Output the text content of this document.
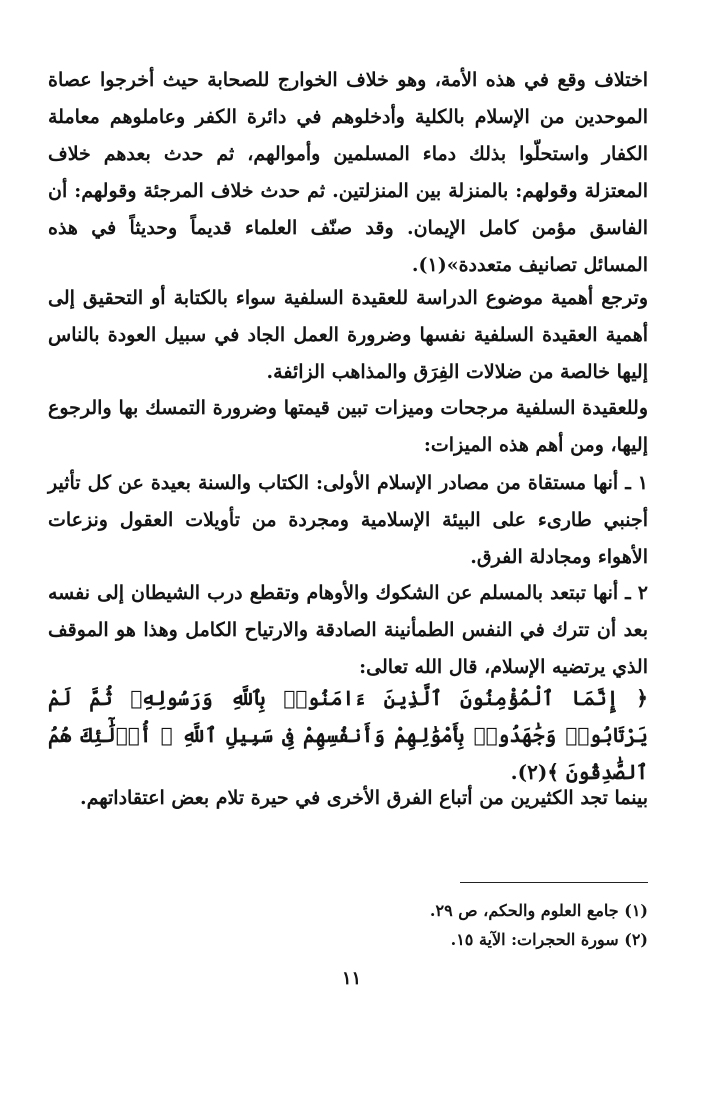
اختلاف وقع في هذه الأمة، وهو خلاف الخوارج للصحابة حيث أخرجوا عصاة الموحدين من الإسلام بالكلية وأدخلوهم في دائرة الكفر وعاملوهم معاملة الكفار واستحلّوا بذلك دماء المسلمين وأموالهم، ثم حدث بعدهم خلاف المعتزلة وقولهم: بالمنزلة بين المنزلتين. ثم حدث خلاف المرجئة وقولهم: أن الفاسق مؤمن كامل الإيمان. وقد صنّف العلماء قديماً وحديثاً في هذه المسائل تصانيف متعددة»(١).

وترجع أهمية موضوع الدراسة للعقيدة السلفية سواء بالكتابة أو التحقيق إلى أهمية العقيدة السلفية نفسها وضرورة العمل الجاد في سبيل العودة بالناس إليها خالصة من ضلالات الفِرَق والمذاهب الزائفة.

وللعقيدة السلفية مرجحات وميزات تبين قيمتها وضرورة التمسك بها والرجوع إليها، ومن أهم هذه الميزات:

١ ـ أنها مستقاة من مصادر الإسلام الأولى: الكتاب والسنة بعيدة عن كل تأثير أجنبي طارىء على البيئة الإسلامية ومجردة من تأويلات العقول ونزعات الأهواء ومجادلة الفرق.

٢ ـ أنها تبتعد بالمسلم عن الشكوك والأوهام وتقطع درب الشيطان إلى نفسه بعد أن تترك في النفس الطمأنينة الصادقة والارتياح الكامل وهذا هو الموقف الذي يرتضيه الإسلام، قال الله تعالى:

﴿ إِنَّمَا ٱلْمُؤْمِنُونَ ٱلَّذِينَ ءَامَنُوا۟ بِٱللَّهِ وَرَسُولِهِۦ ثُمَّ لَمْ يَرْتَابُوا۟ وَجَٰهَدُوا۟ بِأَمْوَٰلِهِمْ وَأَنفُسِهِمْ فِى سَبِيلِ ٱللَّهِ ۚ أُو۟لَٰٓئِكَ هُمُ ٱلصَّٰدِقُونَ ﴾(٢).

بينما تجد الكثيرين من أتباع الفرق الأخرى في حيرة تلام بعض اعتقاداتهم.

(١) جامع العلوم والحكم، ص ٢٩.

(٢) سورة الحجرات: الآية ١٥.

١١
